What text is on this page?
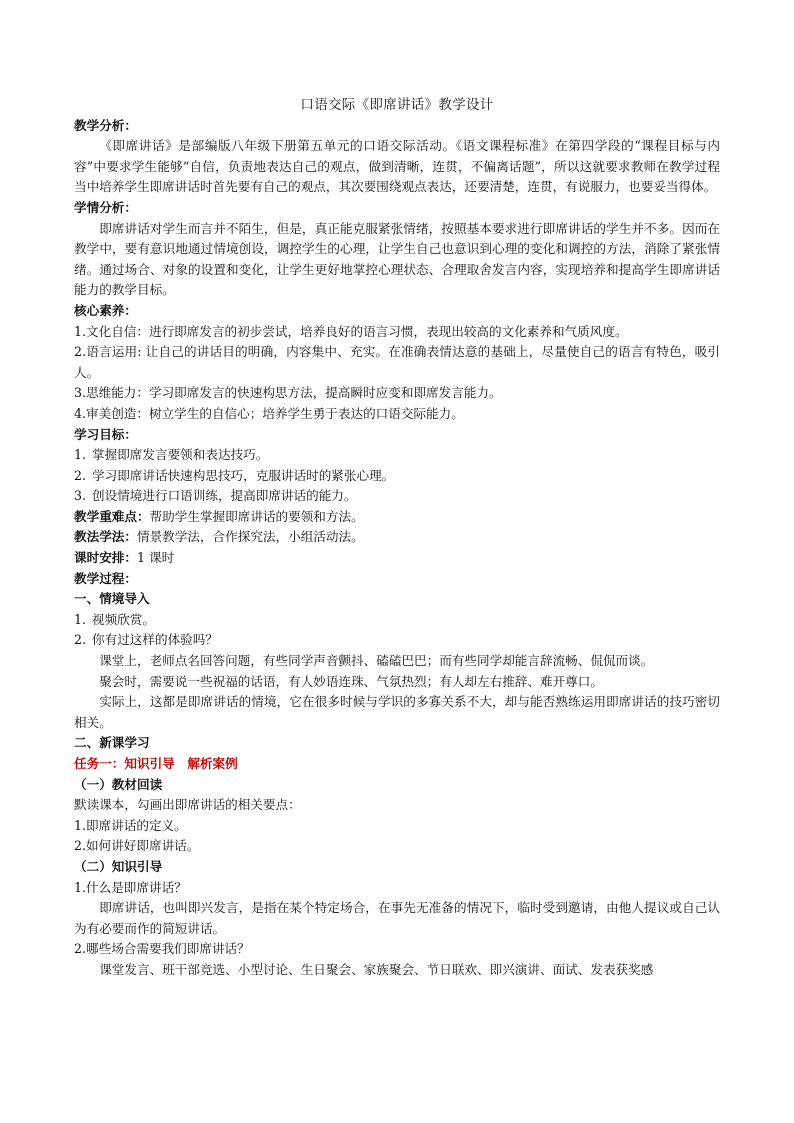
口语交际《即席讲话》教学设计

教学分析：

《即席讲话》是部编版八年级下册第五单元的口语交际活动。《语文课程标准》在第四学段的“课程目标与内容”中要求学生能够“自信，负责地表达自己的观点，做到清晰，连贯，不偏离话题”，所以这就要求教师在教学过程当中培养学生即席讲话时首先要有自己的观点，其次要围绕观点表达，还要清楚，连贯，有说服力，也要妥当得体。

学情分析：

即席讲话对学生而言并不陌生，但是，真正能克服紧张情绪，按照基本要求进行即席讲话的学生并不多。因而在教学中，要有意识地通过情境创设，调控学生的心理，让学生自己也意识到心理的变化和调控的方法，消除了紧张情绪。通过场合、对象的设置和变化，让学生更好地掌控心理状态、合理取舍发言内容，实现培养和提高学生即席讲话能力的教学目标。

核心素养：

1.文化自信：进行即席发言的初步尝试，培养良好的语言习惯，表现出较高的文化素养和气质风度。

2.语言运用: 让自己的讲话目的明确，内容集中、充实。在准确表情达意的基础上，尽量使自己的语言有特色，吸引人。

3.思维能力：学习即席发言的快速构思方法，提高瞬时应变和即席发言能力。

4.审美创造：树立学生的自信心；培养学生勇于表达的口语交际能力。

学习目标：

1. 掌握即席发言要领和表达技巧。

2. 学习即席讲话快速构思技巧，克服讲话时的紧张心理。

3. 创设情境进行口语训练，提高即席讲话的能力。

教学重难点：帮助学生掌握即席讲话的要领和方法。

教法学法：情景教学法，合作探究法，小组活动法。

课时安排：1 课时

教学过程：

一、情境导入

1. 视频欣赏。

2. 你有过这样的体验吗？

课堂上，老师点名回答问题，有些同学声音颤抖、磕磕巴巴；而有些同学却能言辞流畅、侃侃而谈。

聚会时，需要说一些祝福的话语，有人妙语连珠、气氛热烈；有人却左右推辞、难开尊口。

实际上，这都是即席讲话的情境，它在很多时候与学识的多寡关系不大，却与能否熟练运用即席讲话的技巧密切相关。

二、新课学习

任务一：知识引导　解析案例

（一）教材回读

默读课本，勾画出即席讲话的相关要点：

1.即席讲话的定义。

2.如何讲好即席讲话。

（二）知识引导

1.什么是即席讲话？

即席讲话，也叫即兴发言，是指在某个特定场合，在事先无准备的情况下，临时受到邀请，由他人提议或自己认为有必要而作的简短讲话。

2.哪些场合需要我们即席讲话？

课堂发言、班干部竞选、小型讨论、生日聚会、家族聚会、节日联欢、即兴演讲、面试、发表获奖感
